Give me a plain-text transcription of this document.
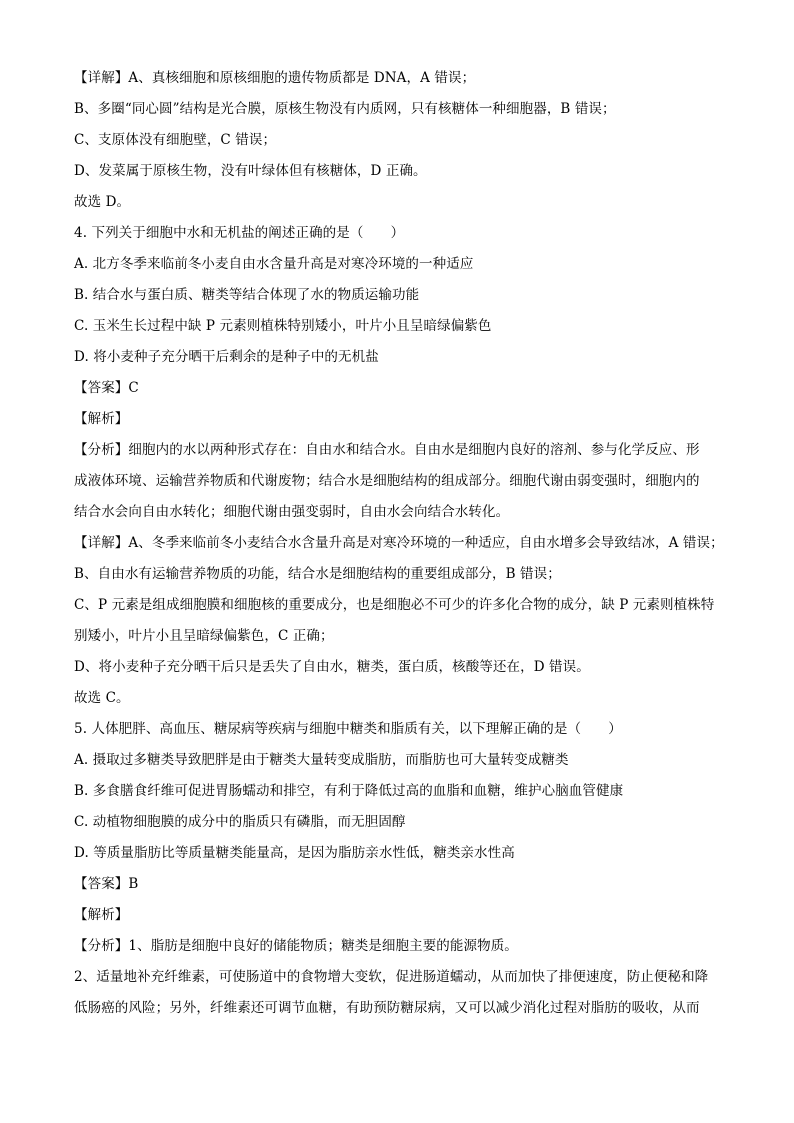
【详解】A、真核细胞和原核细胞的遗传物质都是 DNA，A 错误；
B、多圈“同心圆”结构是光合膜，原核生物没有内质网，只有核糖体一种细胞器，B 错误；
C、支原体没有细胞壁，C 错误；
D、发菜属于原核生物，没有叶绿体但有核糖体，D 正确。
故选 D。
4. 下列关于细胞中水和无机盐的阐述正确的是（　　）
A. 北方冬季来临前冬小麦自由水含量升高是对寒冷环境的一种适应
B. 结合水与蛋白质、糖类等结合体现了水的物质运输功能
C. 玉米生长过程中缺 P 元素则植株特别矮小，叶片小且呈暗绿偏紫色
D. 将小麦种子充分晒干后剩余的是种子中的无机盐
【答案】C
【解析】
【分析】细胞内的水以两种形式存在：自由水和结合水。自由水是细胞内良好的溶剂、参与化学反应、形
成液体环境、运输营养物质和代谢废物；结合水是细胞结构的组成部分。细胞代谢由弱变强时，细胞内的
结合水会向自由水转化；细胞代谢由强变弱时，自由水会向结合水转化。
【详解】A、冬季来临前冬小麦结合水含量升高是对寒冷环境的一种适应，自由水增多会导致结冰，A 错误；
B、自由水有运输营养物质的功能，结合水是细胞结构的重要组成部分，B 错误；
C、P 元素是组成细胞膜和细胞核的重要成分，也是细胞必不可少的许多化合物的成分，缺 P 元素则植株特
别矮小，叶片小且呈暗绿偏紫色，C 正确；
D、将小麦种子充分晒干后只是丢失了自由水，糖类，蛋白质，核酸等还在，D 错误。
故选 C。
5. 人体肥胖、高血压、糖尿病等疾病与细胞中糖类和脂质有关，以下理解正确的是（　　）
A. 摄取过多糖类导致肥胖是由于糖类大量转变成脂肪，而脂肪也可大量转变成糖类
B. 多食膳食纤维可促进胃肠蠕动和排空，有利于降低过高的血脂和血糖，维护心脑血管健康
C. 动植物细胞膜的成分中的脂质只有磷脂，而无胆固醇
D. 等质量脂肪比等质量糖类能量高，是因为脂肪亲水性低，糖类亲水性高
【答案】B
【解析】
【分析】1、脂肪是细胞中良好的储能物质；糖类是细胞主要的能源物质。
2、适量地补充纤维素，可使肠道中的食物增大变软，促进肠道蠕动，从而加快了排便速度，防止便秘和降
低肠癌的风险；另外，纤维素还可调节血糖，有助预防糖尿病，又可以减少消化过程对脂肪的吸收，从而
